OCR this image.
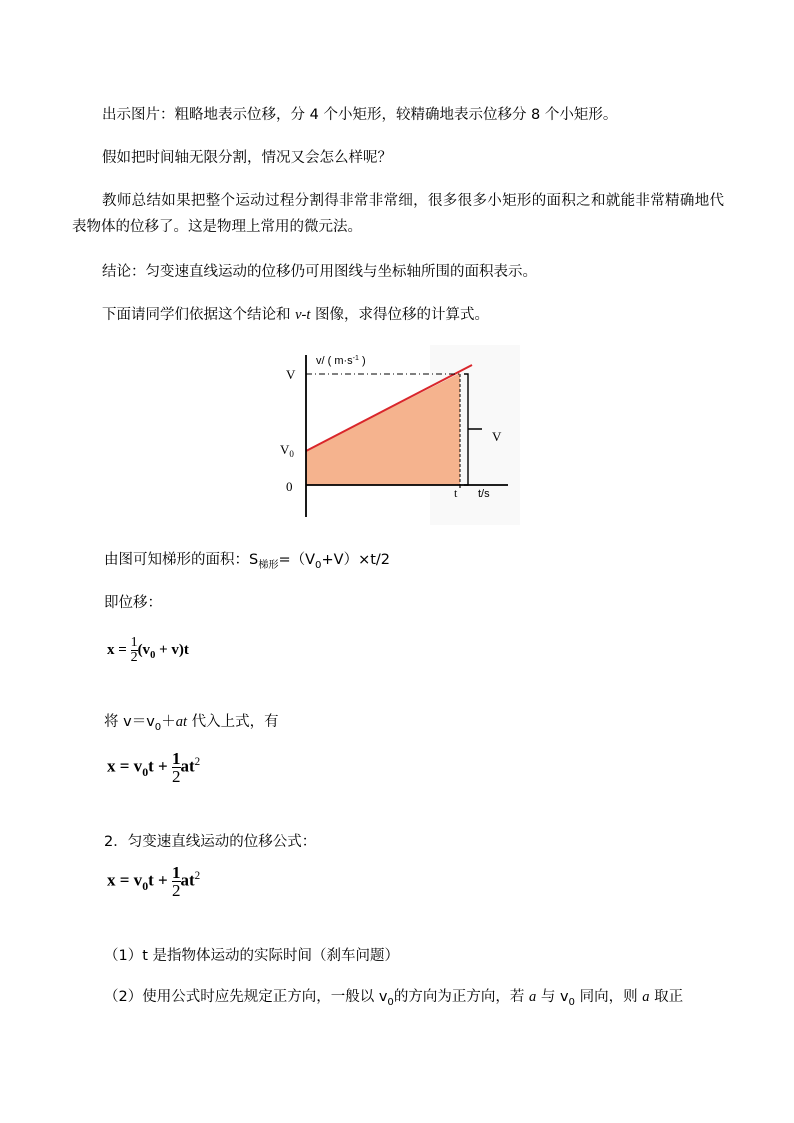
出示图片：粗略地表示位移，分 4 个小矩形，较精确地表示位移分 8 个小矩形。

假如把时间轴无限分割，情况又会怎么样呢？

教师总结如果把整个运动过程分割得非常非常细，很多很多小矩形的面积之和就能非常精确地代表物体的位移了。这是物理上常用的微元法。

结论：匀变速直线运动的位移仍可用图线与坐标轴所围的面积表示。

下面请同学们依据这个结论和 v-t 图像，求得位移的计算式。

v/ ( $m\cdot s^{-1}$ )
V
$V_0$
0	t t/s
V

由图可知梯形的面积：$S_{梯形}=(V_0+V)\times t/2$

即位移：

$x = \frac{1}{2} (v_0 + v)t$

将 $v=v_0+at$ 代入上式，有

$x = v_0t + \frac{1}{2} at^2$

2．匀变速直线运动的位移公式：

$x = v_0t + \frac{1}{2} at^2$

（1）t 是指物体运动的实际时间（刹车问题）

（2）使用公式时应先规定正方向，一般以 $v_0$的方向为正方向，若 a 与 $v_0$ 同向，则 a 取正
